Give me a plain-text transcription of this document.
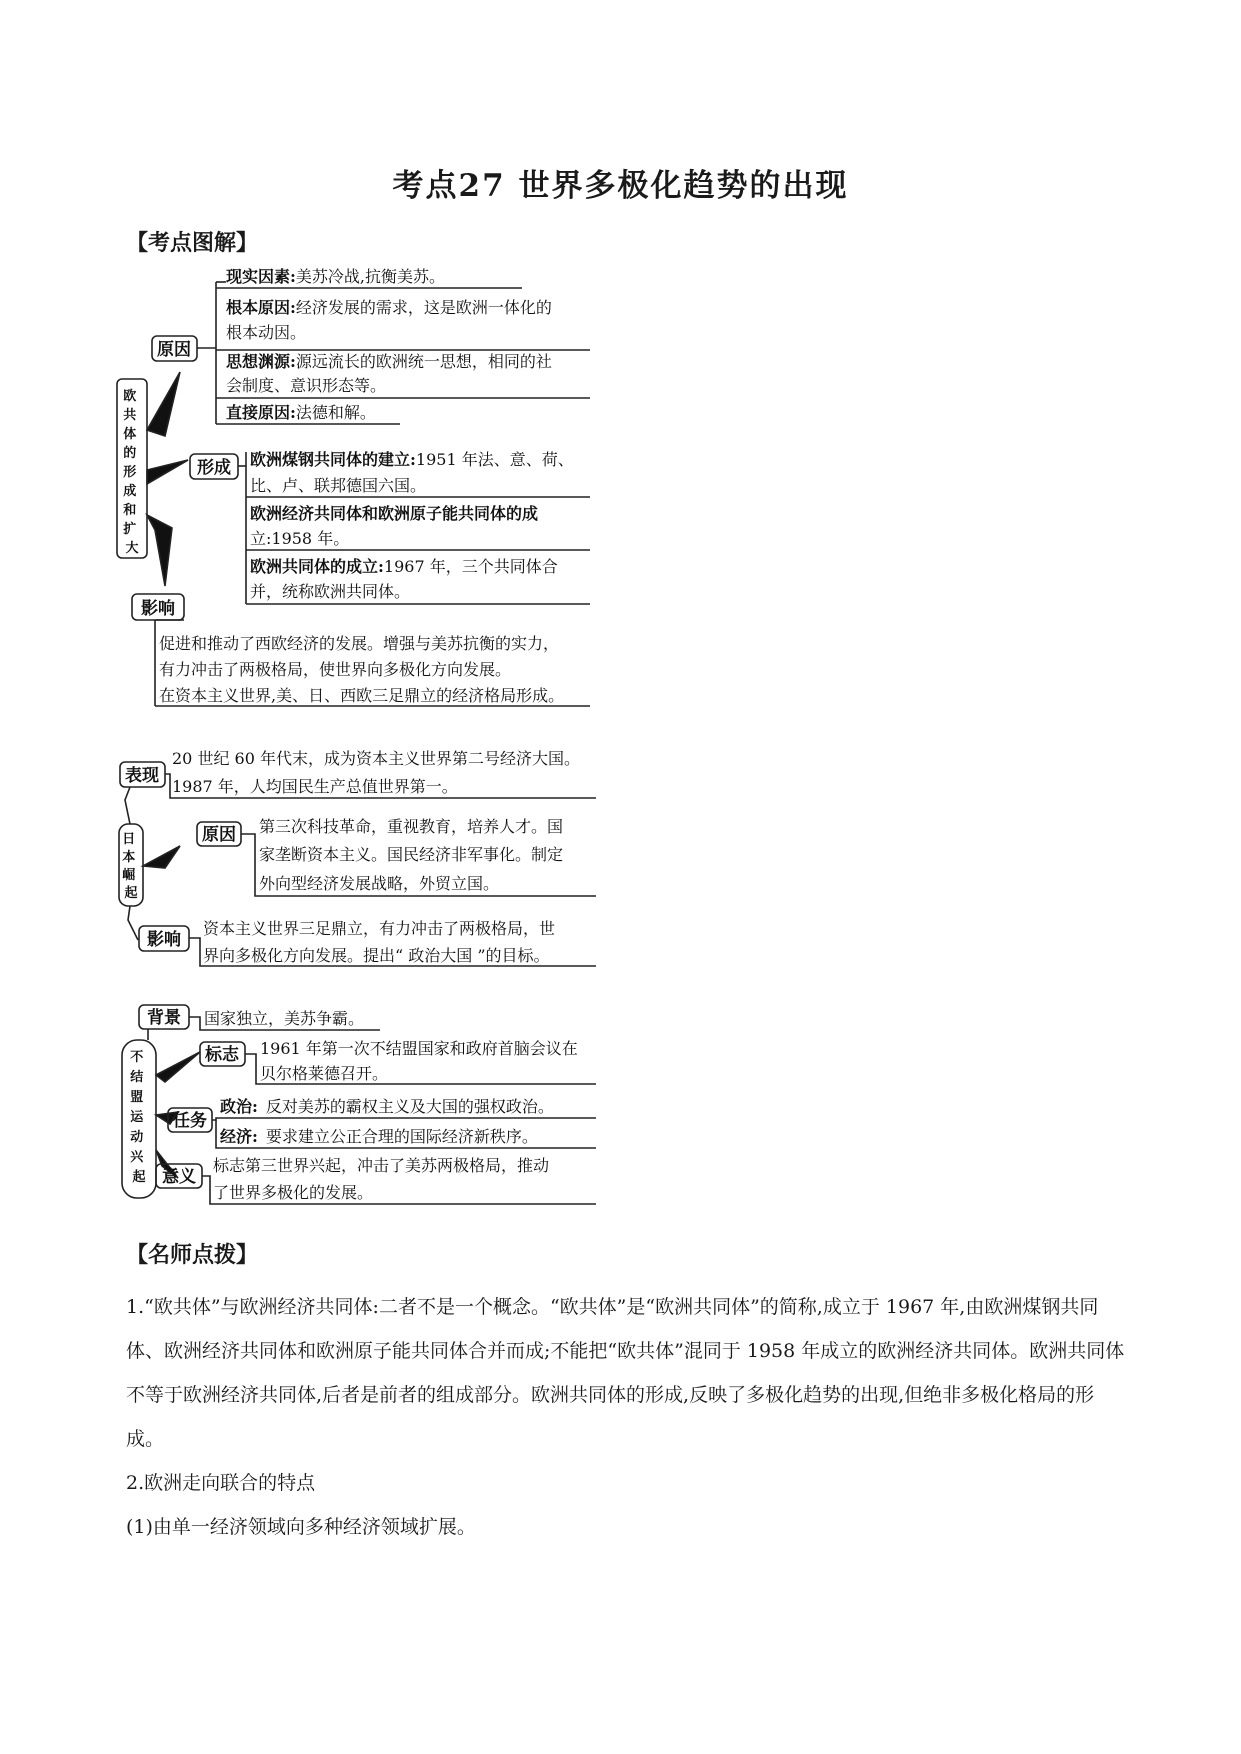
考点27 世界多极化趋势的出现
【考点图解】
欧 共 体 的 形 成 和 扩 大
原因
现实因素:美苏冷战,抗衡美苏。
根本原因:经济发展的需求，这是欧洲一体化的
根本动因。
思想渊源:源远流长的欧洲统一思想，相同的社
会制度、意识形态等。
直接原因:法德和解。
形成 欧洲煤钢共同体的建立:1951 年法、意、荷、
比、卢、联邦德国六国。
欧洲经济共同体和欧洲原子能共同体的成
立:1958 年。
欧洲共同体的成立:1967 年，三个共同体合
并，统称欧洲共同体。
影响
促进和推动了西欧经济的发展。增强与美苏抗衡的实力，
有力冲击了两极格局，使世界向多极化方向发展。
在资本主义世界,美、日、西欧三足鼎立的经济格局形成。
日 本 崛 起
表现
20 世纪 60 年代末，成为资本主义世界第二号经济大国。
1987 年，人均国民生产总值世界第一。
原因 第三次科技革命，重视教育，培养人才。国
家垄断资本主义。国民经济非军事化。制定
外向型经济发展战略，外贸立国。
影响
资本主义世界三足鼎立，有力冲击了两极格局，世
界向多极化方向发展。提出“ 政治大国 ”的目标。
不 结 盟 运 动 兴 起
背景 国家独立，美苏争霸。
标志 1961 年第一次不结盟国家和政府首脑会议在
贝尔格莱德召开。
任务
政治: 反对美苏的霸权主义及大国的强权政治。
经济: 要求建立公正合理的国际经济新秩序。
意义
标志第三世界兴起，冲击了美苏两极格局，推动
了世界多极化的发展。
【名师点拨】

1.“欧共体”与欧洲经济共同体:二者不是一个概念。“欧共体”是“欧洲共同体”的简称,成立于 1967 年,由欧洲煤钢共同体、欧洲经济共同体和欧洲原子能共同体合并而成;不能把“欧共体”混同于 1958 年成立的欧洲经济共同体。欧洲共同体不等于欧洲经济共同体,后者是前者的组成部分。欧洲共同体的形成,反映了多极化趋势的出现,但绝非多极化格局的形成。

2.欧洲走向联合的特点

(1)由单一经济领域向多种经济领域扩展。
